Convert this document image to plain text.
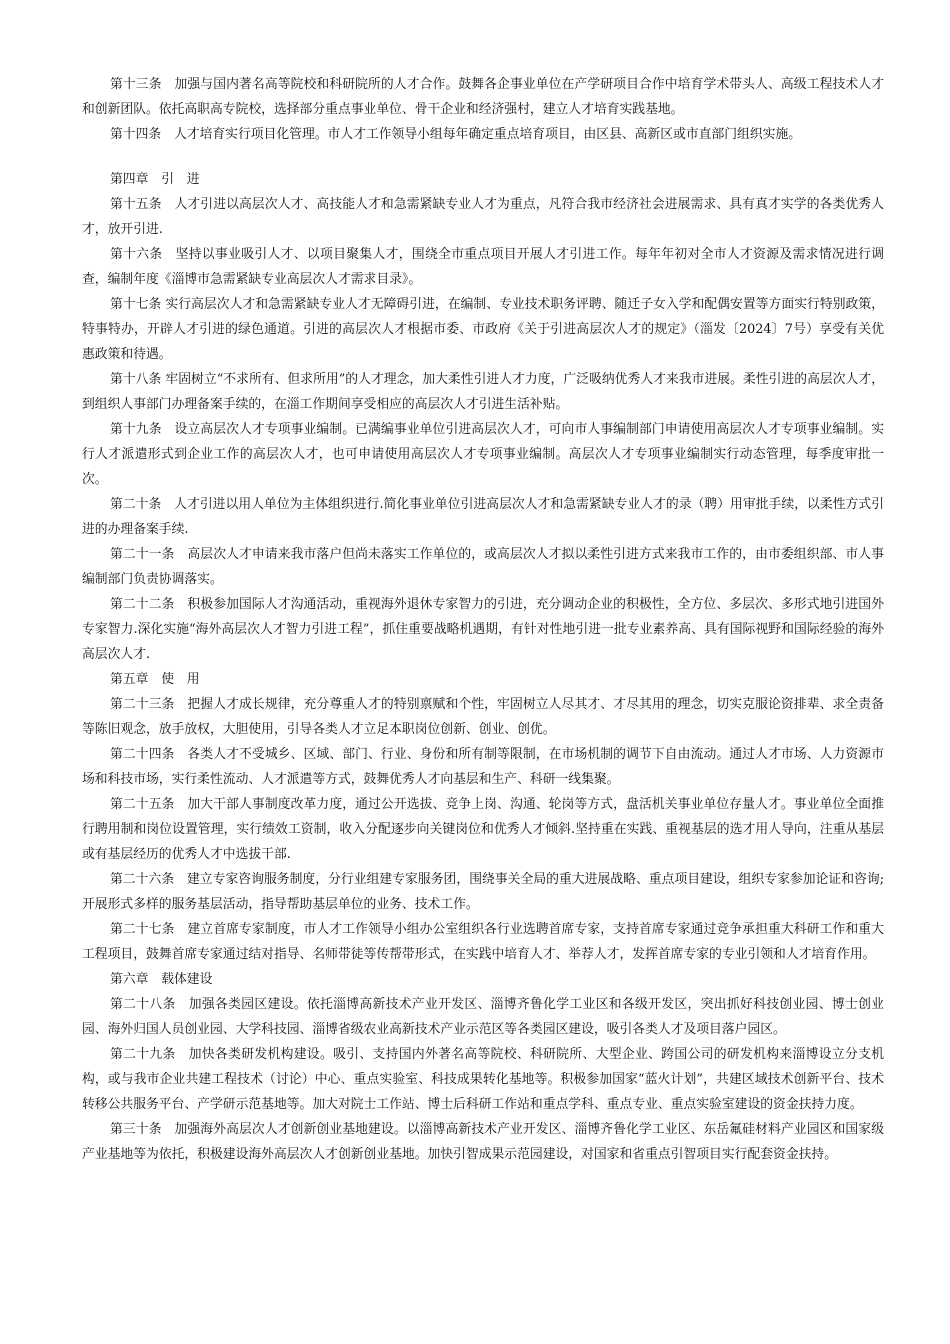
第十三条　加强与国内著名高等院校和科研院所的人才合作。鼓舞各企事业单位在产学研项目合作中培育学术带头人、高级工程技术人才和创新团队。依托高职高专院校，选择部分重点事业单位、骨干企业和经济强村，建立人才培育实践基地。

第十四条　人才培育实行项目化管理。市人才工作领导小组每年确定重点培育项目，由区县、高新区或市直部门组织实施。

第四章　引　进

第十五条　人才引进以高层次人才、高技能人才和急需紧缺专业人才为重点，凡符合我市经济社会进展需求、具有真才实学的各类优秀人才，放开引进.

第十六条　坚持以事业吸引人才、以项目聚集人才，围绕全市重点项目开展人才引进工作。每年年初对全市人才资源及需求情况进行调查，编制年度《淄博市急需紧缺专业高层次人才需求目录》。

第十七条 实行高层次人才和急需紧缺专业人才无障碍引进，在编制、专业技术职务评聘、随迁子女入学和配偶安置等方面实行特别政策，特事特办，开辟人才引进的绿色通道。引进的高层次人才根据市委、市政府《关于引进高层次人才的规定》（淄发〔2024〕7号）享受有关优惠政策和待遇。

第十八条 牢固树立“不求所有、但求所用”的人才理念，加大柔性引进人才力度，广泛吸纳优秀人才来我市进展。柔性引进的高层次人才，到组织人事部门办理备案手续的，在淄工作期间享受相应的高层次人才引进生活补贴。

第十九条　设立高层次人才专项事业编制。已满编事业单位引进高层次人才，可向市人事编制部门申请使用高层次人才专项事业编制。实行人才派遣形式到企业工作的高层次人才，也可申请使用高层次人才专项事业编制。高层次人才专项事业编制实行动态管理，每季度审批一次。

第二十条　人才引进以用人单位为主体组织进行.简化事业单位引进高层次人才和急需紧缺专业人才的录（聘）用审批手续，以柔性方式引进的办理备案手续.

第二十一条　高层次人才申请来我市落户但尚未落实工作单位的，或高层次人才拟以柔性引进方式来我市工作的，由市委组织部、市人事编制部门负责协调落实。

第二十二条　积极参加国际人才沟通活动，重视海外退休专家智力的引进，充分调动企业的积极性，全方位、多层次、多形式地引进国外专家智力.深化实施“海外高层次人才智力引进工程”，抓住重要战略机遇期，有针对性地引进一批专业素养高、具有国际视野和国际经验的海外高层次人才.

第五章　使　用

第二十三条　把握人才成长规律，充分尊重人才的特别禀赋和个性，牢固树立人尽其才、才尽其用的理念，切实克服论资排辈、求全责备等陈旧观念，放手放权，大胆使用，引导各类人才立足本职岗位创新、创业、创优。

第二十四条　各类人才不受城乡、区域、部门、行业、身份和所有制等限制，在市场机制的调节下自由流动。通过人才市场、人力资源市场和科技市场，实行柔性流动、人才派遣等方式，鼓舞优秀人才向基层和生产、科研一线集聚。

第二十五条　加大干部人事制度改革力度，通过公开选拔、竞争上岗、沟通、轮岗等方式，盘活机关事业单位存量人才。事业单位全面推行聘用制和岗位设置管理，实行绩效工资制，收入分配逐步向关键岗位和优秀人才倾斜.坚持重在实践、重视基层的选才用人导向，注重从基层或有基层经历的优秀人才中选拔干部.

第二十六条　建立专家咨询服务制度，分行业组建专家服务团，围绕事关全局的重大进展战略、重点项目建设，组织专家参加论证和咨询;开展形式多样的服务基层活动，指导帮助基层单位的业务、技术工作。

第二十七条　建立首席专家制度，市人才工作领导小组办公室组织各行业选聘首席专家，支持首席专家通过竞争承担重大科研工作和重大工程项目，鼓舞首席专家通过结对指导、名师带徒等传帮带形式，在实践中培育人才、举荐人才，发挥首席专家的专业引领和人才培育作用。

第六章　载体建设

第二十八条　加强各类园区建设。依托淄博高新技术产业开发区、淄博齐鲁化学工业区和各级开发区，突出抓好科技创业园、博士创业园、海外归国人员创业园、大学科技园、淄博省级农业高新技术产业示范区等各类园区建设，吸引各类人才及项目落户园区。

第二十九条　加快各类研发机构建设。吸引、支持国内外著名高等院校、科研院所、大型企业、跨国公司的研发机构来淄博设立分支机构，或与我市企业共建工程技术（讨论）中心、重点实验室、科技成果转化基地等。积极参加国家“蓝火计划”，共建区域技术创新平台、技术转移公共服务平台、产学研示范基地等。加大对院士工作站、博士后科研工作站和重点学科、重点专业、重点实验室建设的资金扶持力度。

第三十条　加强海外高层次人才创新创业基地建设。以淄博高新技术产业开发区、淄博齐鲁化学工业区、东岳氟硅材料产业园区和国家级产业基地等为依托，积极建设海外高层次人才创新创业基地。加快引智成果示范园建设，对国家和省重点引智项目实行配套资金扶持。
